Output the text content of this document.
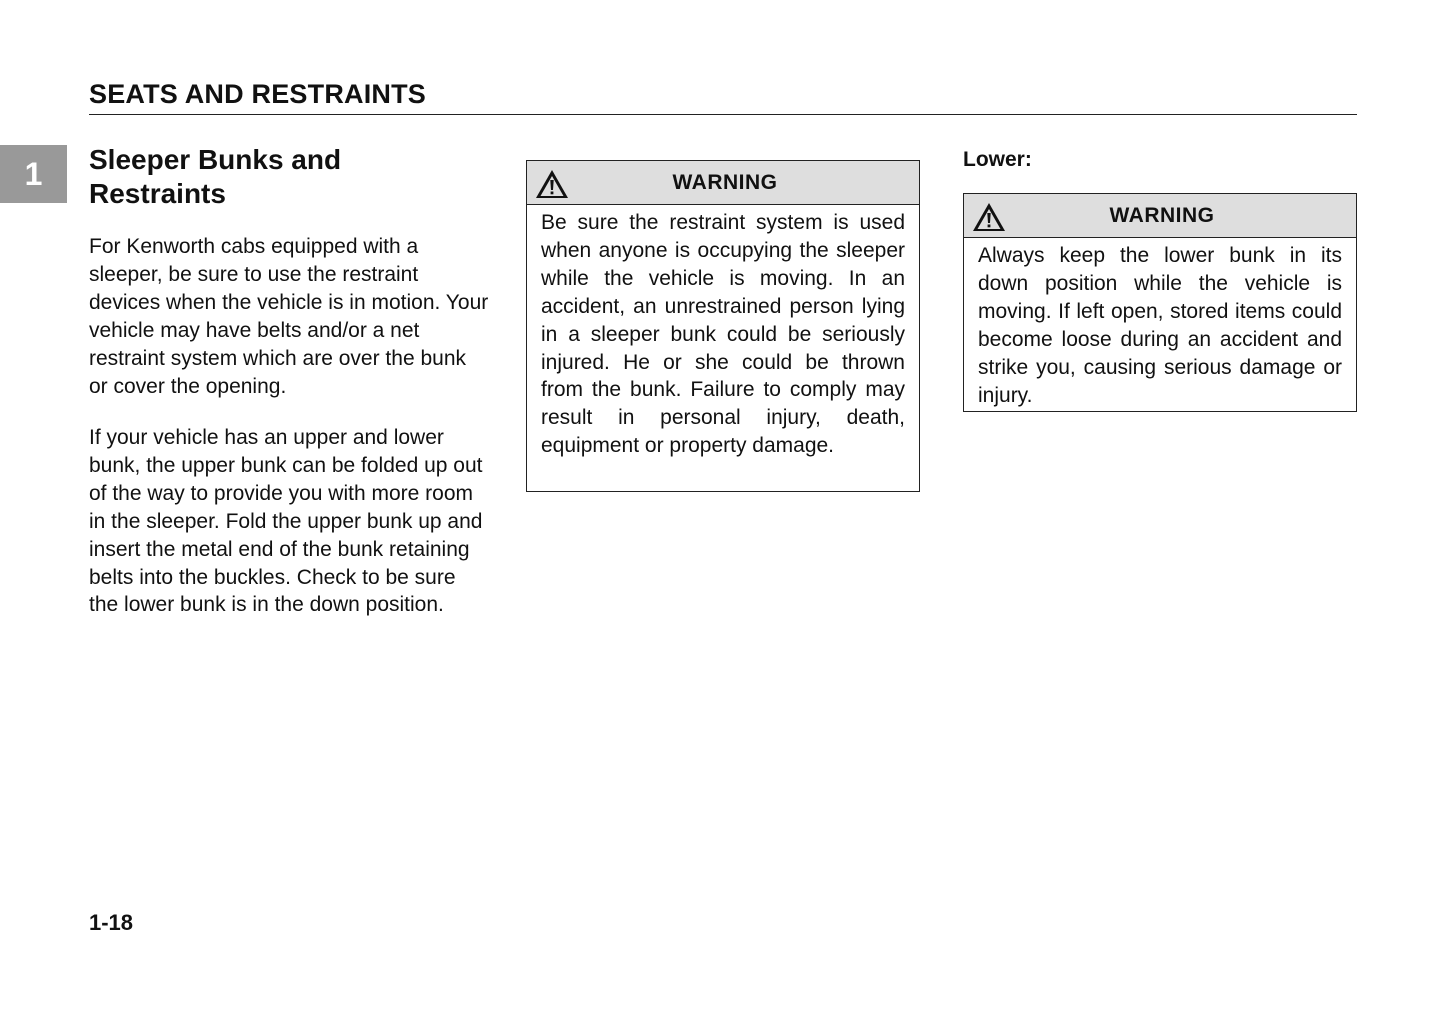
SEATS AND RESTRAINTS
1 Sleeper Bunks and Restraints

For Kenworth cabs equipped with a sleeper, be sure to use the restraint devices when the vehicle is in motion. Your vehicle may have belts and/or a net restraint system which are over the bunk or cover the opening.

If your vehicle has an upper and lower bunk, the upper bunk can be folded up out of the way to provide you with more room in the sleeper. Fold the upper bunk up and insert the metal end of the bunk retaining belts into the buckles. Check to be sure the lower bunk is in the down position.

WARNING

Be sure the restraint system is used when anyone is occupying the sleeper while the vehicle is moving. In an accident, an unrestrained person lying in a sleeper bunk could be seriously injured. He or she could be thrown from the bunk. Failure to comply may result in personal injury, death, equipment or property damage.

Lower:
WARNING

Always keep the lower bunk in its down position while the vehicle is moving. If left open, stored items could become loose during an accident and strike you, causing serious damage or injury.

1-18
